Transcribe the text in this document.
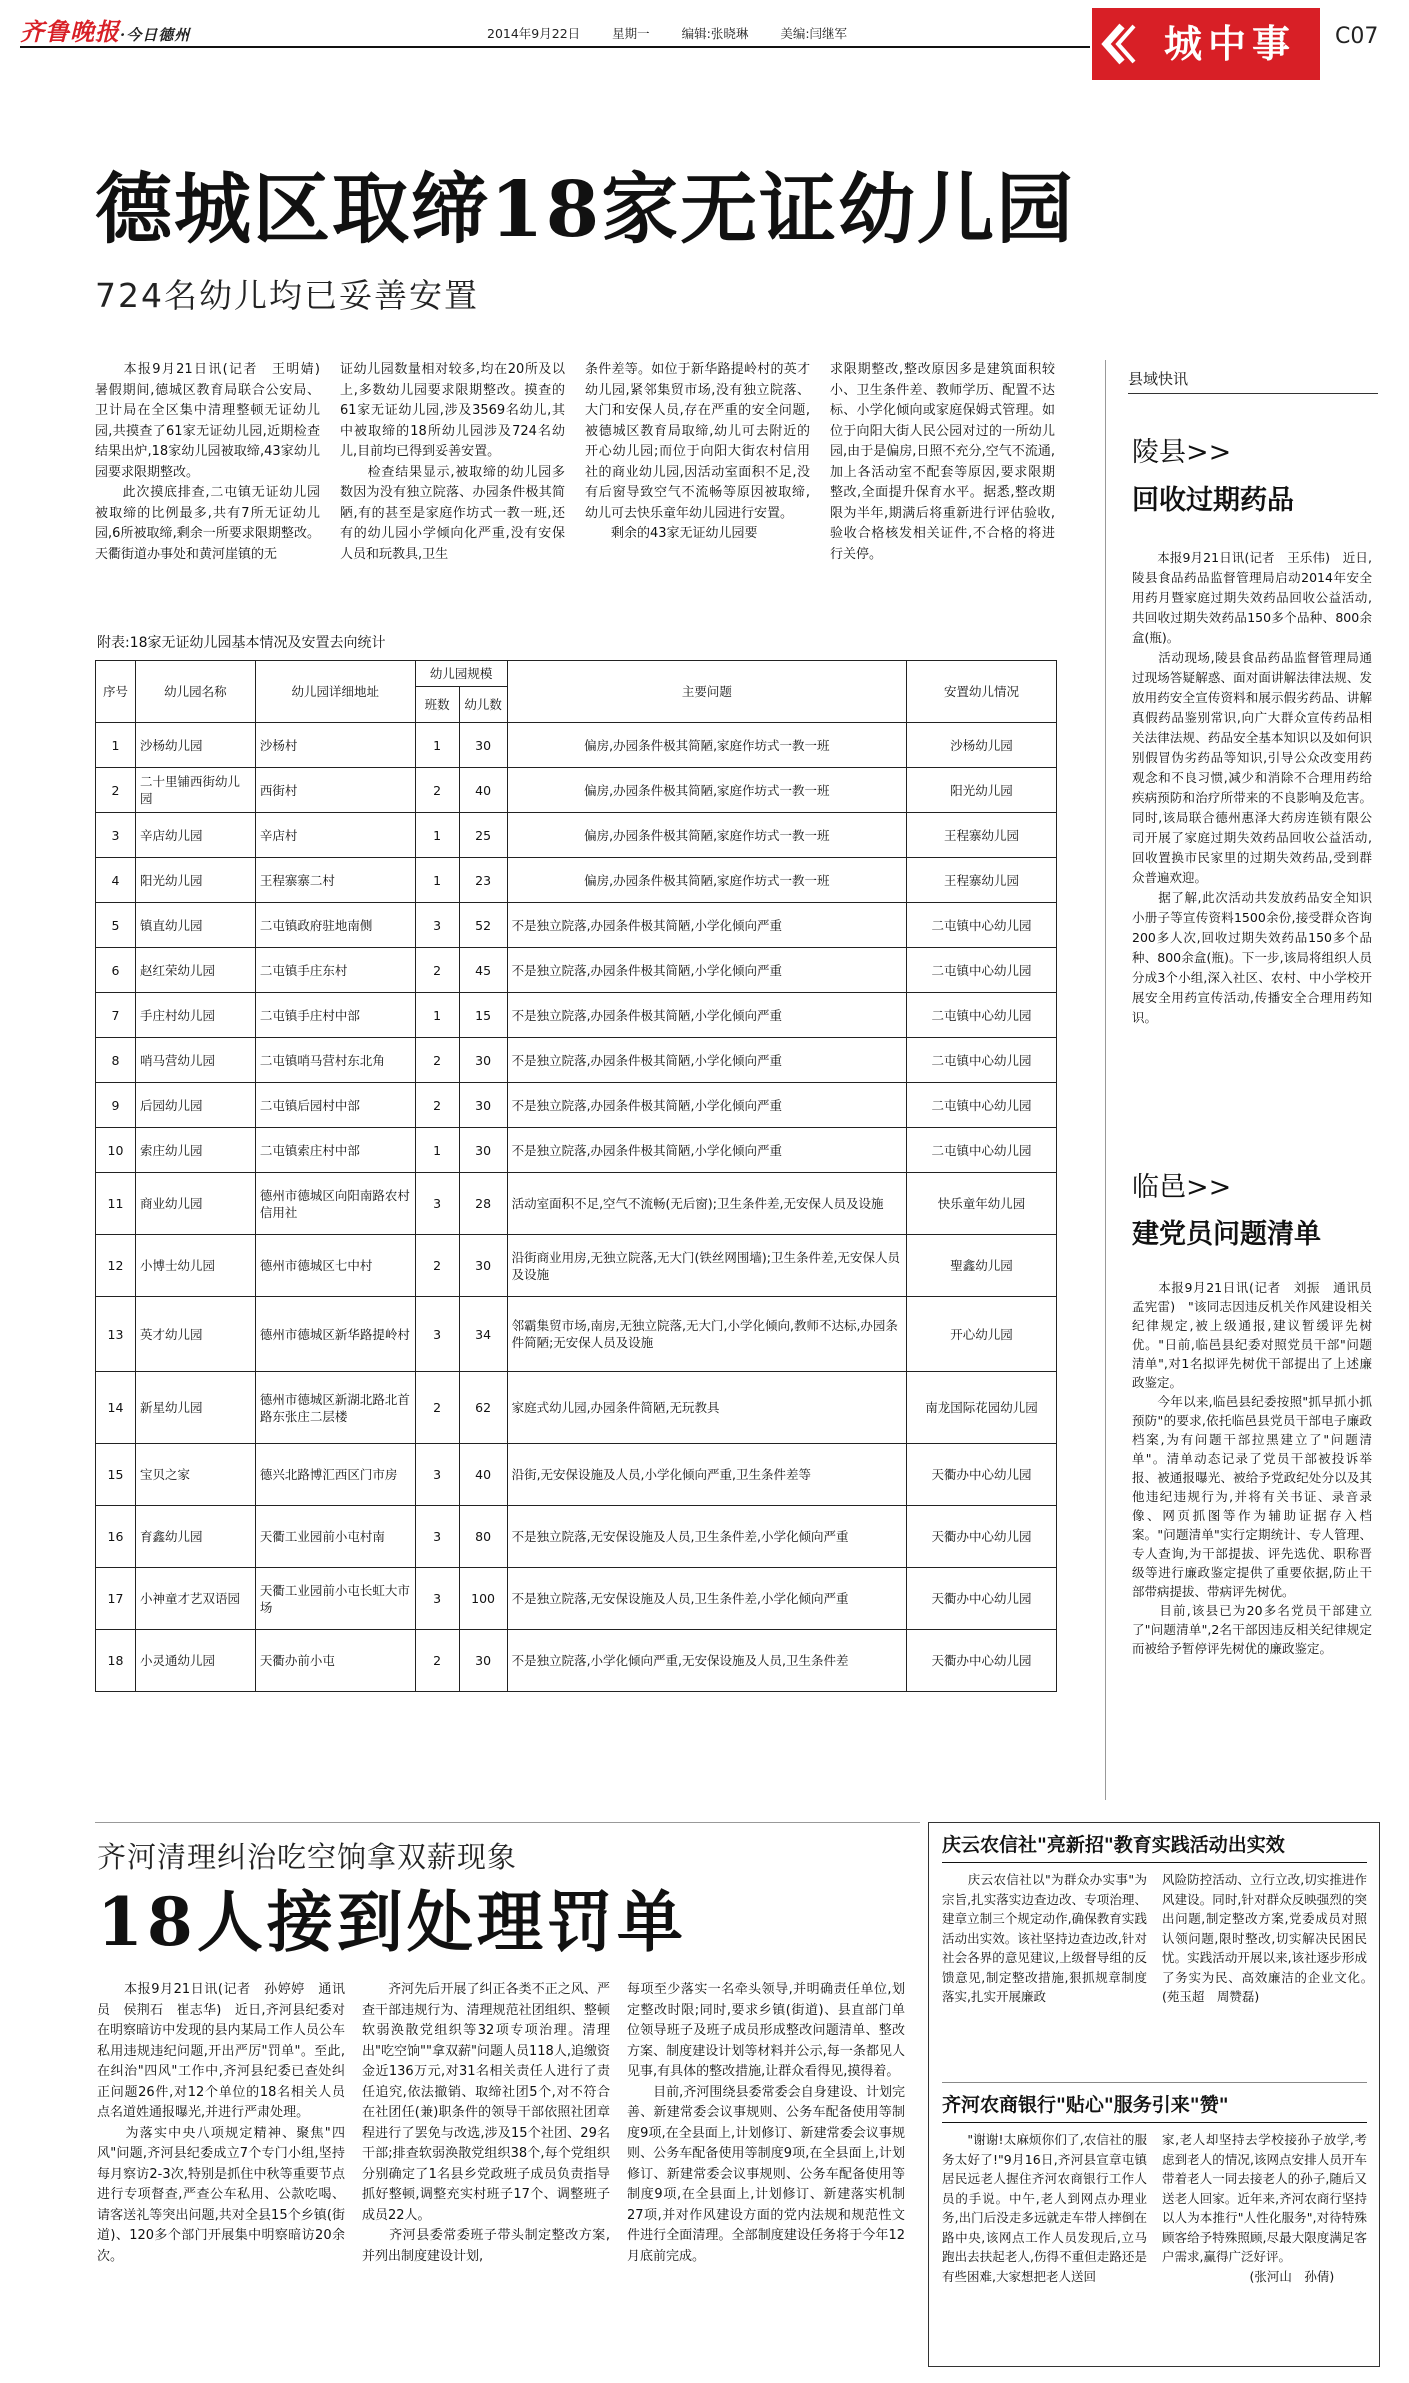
齐鲁晚报·今日德州	2014年9月22日	星期一	编辑:张晓琳	美编:闫继军	城中事	C07
德城区取缔18家无证幼儿园
724名幼儿均已妥善安置
　　本报9月21日讯(记者　王明婧)　暑假期间,德城区教育局联合公安局、卫计局在全区集中清理整顿无证幼儿园,共摸查了61家无证幼儿园,近期检查结果出炉,18家幼儿园被取缔,43家幼儿园要求限期整改。
　　此次摸底排查,二屯镇无证幼儿园被取缔的比例最多,共有7所无证幼儿园,6所被取缔,剩余一所要求限期整改。天衢街道办事处和黄河崖镇的无
证幼儿园数量相对较多,均在20所及以上,多数幼儿园要求限期整改。摸查的61家无证幼儿园,涉及3569名幼儿,其中被取缔的18所幼儿园涉及724名幼儿,目前均已得到妥善安置。
　　检查结果显示,被取缔的幼儿园多数因为没有独立院落、办园条件极其简陋,有的甚至是家庭作坊式一教一班,还有的幼儿园小学倾向化严重,没有安保人员和玩教具,卫生
条件差等。如位于新华路提岭村的英才幼儿园,紧邻集贸市场,没有独立院落、大门和安保人员,存在严重的安全问题,被德城区教育局取缔,幼儿可去附近的开心幼儿园;而位于向阳大街农村信用社的商业幼儿园,因活动室面积不足,没有后窗导致空气不流畅等原因被取缔,幼儿可去快乐童年幼儿园进行安置。
　　剩余的43家无证幼儿园要
求限期整改,整改原因多是建筑面积较小、卫生条件差、教师学历、配置不达标、小学化倾向或家庭保姆式管理。如位于向阳大街人民公园对过的一所幼儿园,由于是偏房,日照不充分,空气不流通,加上各活动室不配套等原因,要求限期整改,全面提升保育水平。据悉,整改期限为半年,期满后将重新进行评估验收,验收合格核发相关证件,不合格的将进行关停。
附表:18家无证幼儿园基本情况及安置去向统计
序号	幼儿园名称	幼儿园详细地址	幼儿园规模		主要问题	安置幼儿情况
			班数	幼儿数		
1	沙杨幼儿园	沙杨村	1	30	偏房,办园条件极其简陋,家庭作坊式一教一班	沙杨幼儿园
2	二十里铺西街幼儿园	西街村	2	40	偏房,办园条件极其简陋,家庭作坊式一教一班	阳光幼儿园
3	辛店幼儿园	辛店村	1	25	偏房,办园条件极其简陋,家庭作坊式一教一班	王程寨幼儿园
4	阳光幼儿园	王程寨寨二村	1	23	偏房,办园条件极其简陋,家庭作坊式一教一班	王程寨幼儿园
5	镇直幼儿园	二屯镇政府驻地南侧	3	52	不是独立院落,办园条件极其简陋,小学化倾向严重	二屯镇中心幼儿园
6	赵红荣幼儿园	二屯镇手庄东村	2	45	不是独立院落,办园条件极其简陋,小学化倾向严重	二屯镇中心幼儿园
7	手庄村幼儿园	二屯镇手庄村中部	1	15	不是独立院落,办园条件极其简陋,小学化倾向严重	二屯镇中心幼儿园
8	哨马营幼儿园	二屯镇哨马营村东北角	2	30	不是独立院落,办园条件极其简陋,小学化倾向严重	二屯镇中心幼儿园
9	后园幼儿园	二屯镇后园村中部	2	30	不是独立院落,办园条件极其简陋,小学化倾向严重	二屯镇中心幼儿园
10	索庄幼儿园	二屯镇索庄村中部	1	30	不是独立院落,办园条件极其简陋,小学化倾向严重	二屯镇中心幼儿园
11	商业幼儿园	德州市德城区向阳南路农村信用社	3	28	活动室面积不足,空气不流畅(无后窗);卫生条件差,无安保人员及设施	快乐童年幼儿园
12	小博士幼儿园	德州市德城区七中村	2	30	沿街商业用房,无独立院落,无大门(铁丝网围墙);卫生条件差,无安保人员及设施	聖鑫幼儿园
13	英才幼儿园	德州市德城区新华路提岭村	3	34	邻霸集贸市场,南房,无独立院落,无大门,小学化倾向,教师不达标,办园条件简陋;无安保人员及设施	开心幼儿园
14	新星幼儿园	德州市德城区新湖北路北首路东张庄二层楼	2	62	家庭式幼儿园,办园条件简陋,无玩教具	南龙国际花园幼儿园
15	宝贝之家	德兴北路博汇西区门市房	3	40	沿街,无安保设施及人员,小学化倾向严重,卫生条件差等	天衢办中心幼儿园
16	育鑫幼儿园	天衢工业园前小屯村南	3	80	不是独立院落,无安保设施及人员,卫生条件差,小学化倾向严重	天衢办中心幼儿园
17	小神童才艺双语园	天衢工业园前小屯长虹大市场	3	100	不是独立院落,无安保设施及人员,卫生条件差,小学化倾向严重	天衢办中心幼儿园
18	小灵通幼儿园	天衢办前小屯	2	30	不是独立院落,小学化倾向严重,无安保设施及人员,卫生条件差	天衢办中心幼儿园
齐河清理纠治吃空饷拿双薪现象
18人接到处理罚单
　　本报9月21日讯(记者　孙婷婷　通讯员　侯荆石　崔志华)　近日,齐河县纪委对在明察暗访中发现的县内某局工作人员公车私用违规违纪问题,开出严厉"罚单"。至此,在纠治"四风"工作中,齐河县纪委已查处纠正问题26件,对12个单位的18名相关人员点名道姓通报曝光,并进行严肃处理。
　　为落实中央八项规定精神、聚焦"四风"问题,齐河县纪委成立7个专门小组,坚持每月察访2-3次,特别是抓住中秋等重要节点进行专项督查,严查公车私用、公款吃喝、请客送礼等突出问题,共对全县15个乡镇(街道)、120多个部门开展集中明察暗访20余次。
　　齐河先后开展了纠正各类不正之风、严查干部违规行为、清理规范社团组织、整顿软弱涣散党组织等32项专项治理。清理出"吃空饷""拿双薪"问题人员118人,追缴资金近136万元,对31名相关责任人进行了责任追究,依法撤销、取缔社团5个,对不符合在社团任(兼)职条件的领导干部依照社团章程进行了罢免与改选,涉及15个社团、29名干部;排查软弱涣散党组织38个,每个党组织分别确定了1名县乡党政班子成员负责指导抓好整顿,调整充实村班子17个、调整班子成员22人。
　　齐河县委常委班子带头制定整改方案,并列出制度建设计划,
每项至少落实一名牵头领导,并明确责任单位,划定整改时限;同时,要求乡镇(街道)、县直部门单位领导班子及班子成员形成整改问题清单、整改方案、制度建设计划等材料并公示,每一条都见人见事,有具体的整改措施,让群众看得见,摸得着。
　　目前,齐河围绕县委常委会自身建设、计划完善、新建常委会议事规则、公务车配备使用等制度9项,在全县面上,计划修订、新建常委会议事规则、公务车配备使用等制度9项,在全县面上,计划修订、新建常委会议事规则、公务车配备使用等制度9项,在全县面上,计划修订、新建落实机制27项,并对作风建设方面的党内法规和规范性文件进行全面清理。全部制度建设任务将于今年12月底前完成。
县域快讯
陵县>>
回收过期药品
　　本报9月21日讯(记者　王乐伟)　近日,陵县食品药品监督管理局启动2014年安全用药月暨家庭过期失效药品回收公益活动,共回收过期失效药品150多个品种、800余盒(瓶)。
　　活动现场,陵县食品药品监督管理局通过现场答疑解惑、面对面讲解法律法规、发放用药安全宣传资料和展示假劣药品、讲解真假药品鉴别常识,向广大群众宣传药品相关法律法规、药品安全基本知识以及如何识别假冒伪劣药品等知识,引导公众改变用药观念和不良习惯,减少和消除不合理用药给疾病预防和治疗所带来的不良影响及危害。同时,该局联合德州惠泽大药房连锁有限公司开展了家庭过期失效药品回收公益活动,回收置换市民家里的过期失效药品,受到群众普遍欢迎。
　　据了解,此次活动共发放药品安全知识小册子等宣传资料1500余份,接受群众咨询200多人次,回收过期失效药品150多个品种、800余盒(瓶)。下一步,该局将组织人员分成3个小组,深入社区、农村、中小学校开展安全用药宣传活动,传播安全合理用药知识。
临邑>>
建党员问题清单
　　本报9月21日讯(记者　刘振　通讯员　孟宪雷)　"该同志因违反机关作风建设相关纪律规定,被上级通报,建议暂缓评先树优。"日前,临邑县纪委对照党员干部"问题清单",对1名拟评先树优干部提出了上述廉政鉴定。
　　今年以来,临邑县纪委按照"抓早抓小抓预防"的要求,依托临邑县党员干部电子廉政档案,为有问题干部拉黑建立了"问题清单"。清单动态记录了党员干部被投诉举报、被通报曝光、被给予党政纪处分以及其他违纪违规行为,并将有关书证、录音录像、网页抓图等作为辅助证据存入档案。"问题清单"实行定期统计、专人管理、专人查询,为干部提拔、评先选优、职称晋级等进行廉政鉴定提供了重要依据,防止干部带病提拔、带病评先树优。
　　目前,该县已为20多名党员干部建立了"问题清单",2名干部因违反相关纪律规定而被给予暂停评先树优的廉政鉴定。
庆云农信社"亮新招"教育实践活动出实效
　　庆云农信社以"为群众办实事"为宗旨,扎实落实边查边改、专项治理、建章立制三个规定动作,确保教育实践活动出实效。该社坚持边查边改,针对社会各界的意见建议,上级督导组的反馈意见,制定整改措施,狠抓规章制度落实,扎实开展廉政
风险防控活动、立行立改,切实推进作风建设。同时,针对群众反映强烈的突出问题,制定整改方案,党委成员对照认领问题,限时整改,切实解决民困民忧。实践活动开展以来,该社逐步形成了务实为民、高效廉洁的企业文化。　(苑玉超　周赞磊)
齐河农商银行"贴心"服务引来"赞"
　　"谢谢!太麻烦你们了,农信社的服务太好了!"9月16日,齐河县宣章屯镇居民远老人握住齐河农商银行工作人员的手说。中午,老人到网点办理业务,出门后没走多远就走车带人摔倒在路中央,该网点工作人员发现后,立马跑出去扶起老人,伤得不重但走路还是有些困难,大家想把老人送回
家,老人却坚持去学校接孙子放学,考虑到老人的情况,该网点安排人员开车带着老人一同去接老人的孙子,随后又送老人回家。近年来,齐河农商行坚持以人为本推行"人性化服务",对待特殊顾客给予特殊照顾,尽最大限度满足客户需求,赢得广泛好评。
　　　　　　　(张河山　孙倩)
